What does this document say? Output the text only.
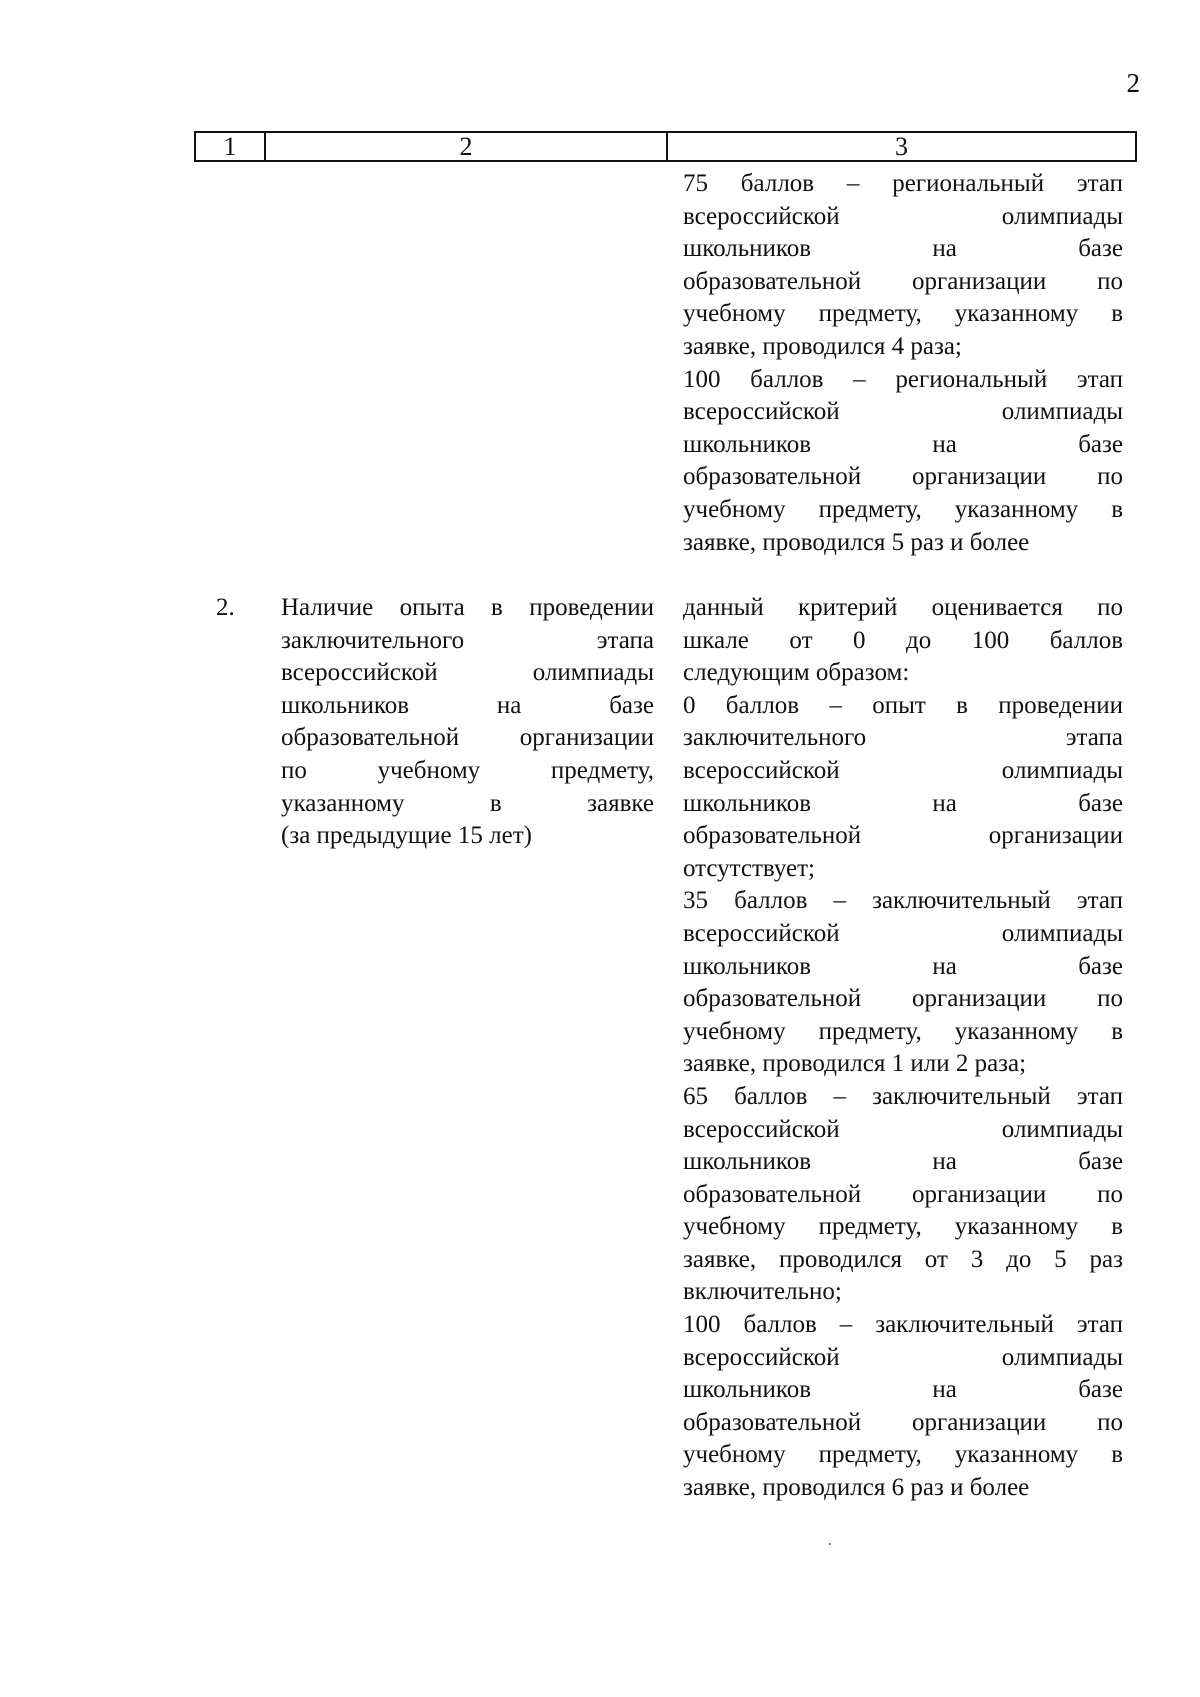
2
1	2	3
75 баллов – региональный этап
всероссийской олимпиады
школьников на базе
образовательной организации по
учебному предмету, указанному в
заявке, проводился 4 раза;
100 баллов – региональный этап
всероссийской олимпиады
школьников на базе
образовательной организации по
учебному предмету, указанному в
заявке, проводился 5 раз и более
2. Наличие опыта в проведении
заключительного этапа
всероссийской олимпиады
школьников на базе
образовательной организации
по учебному предмету,
указанному в заявке
(за предыдущие 15 лет)
данный критерий оценивается по
шкале от 0 до 100 баллов
следующим образом:
0 баллов – опыт в проведении
заключительного этапа
всероссийской олимпиады
школьников на базе
образовательной организации
отсутствует;
35 баллов – заключительный этап
всероссийской олимпиады
школьников на базе
образовательной организации по
учебному предмету, указанному в
заявке, проводился 1 или 2 раза;
65 баллов – заключительный этап
всероссийской олимпиады
школьников на базе
образовательной организации по
учебному предмету, указанному в
заявке, проводился от 3 до 5 раз
включительно;
100 баллов – заключительный этап
всероссийской олимпиады
школьников на базе
образовательной организации по
учебному предмету, указанному в
заявке, проводился 6 раз и более
